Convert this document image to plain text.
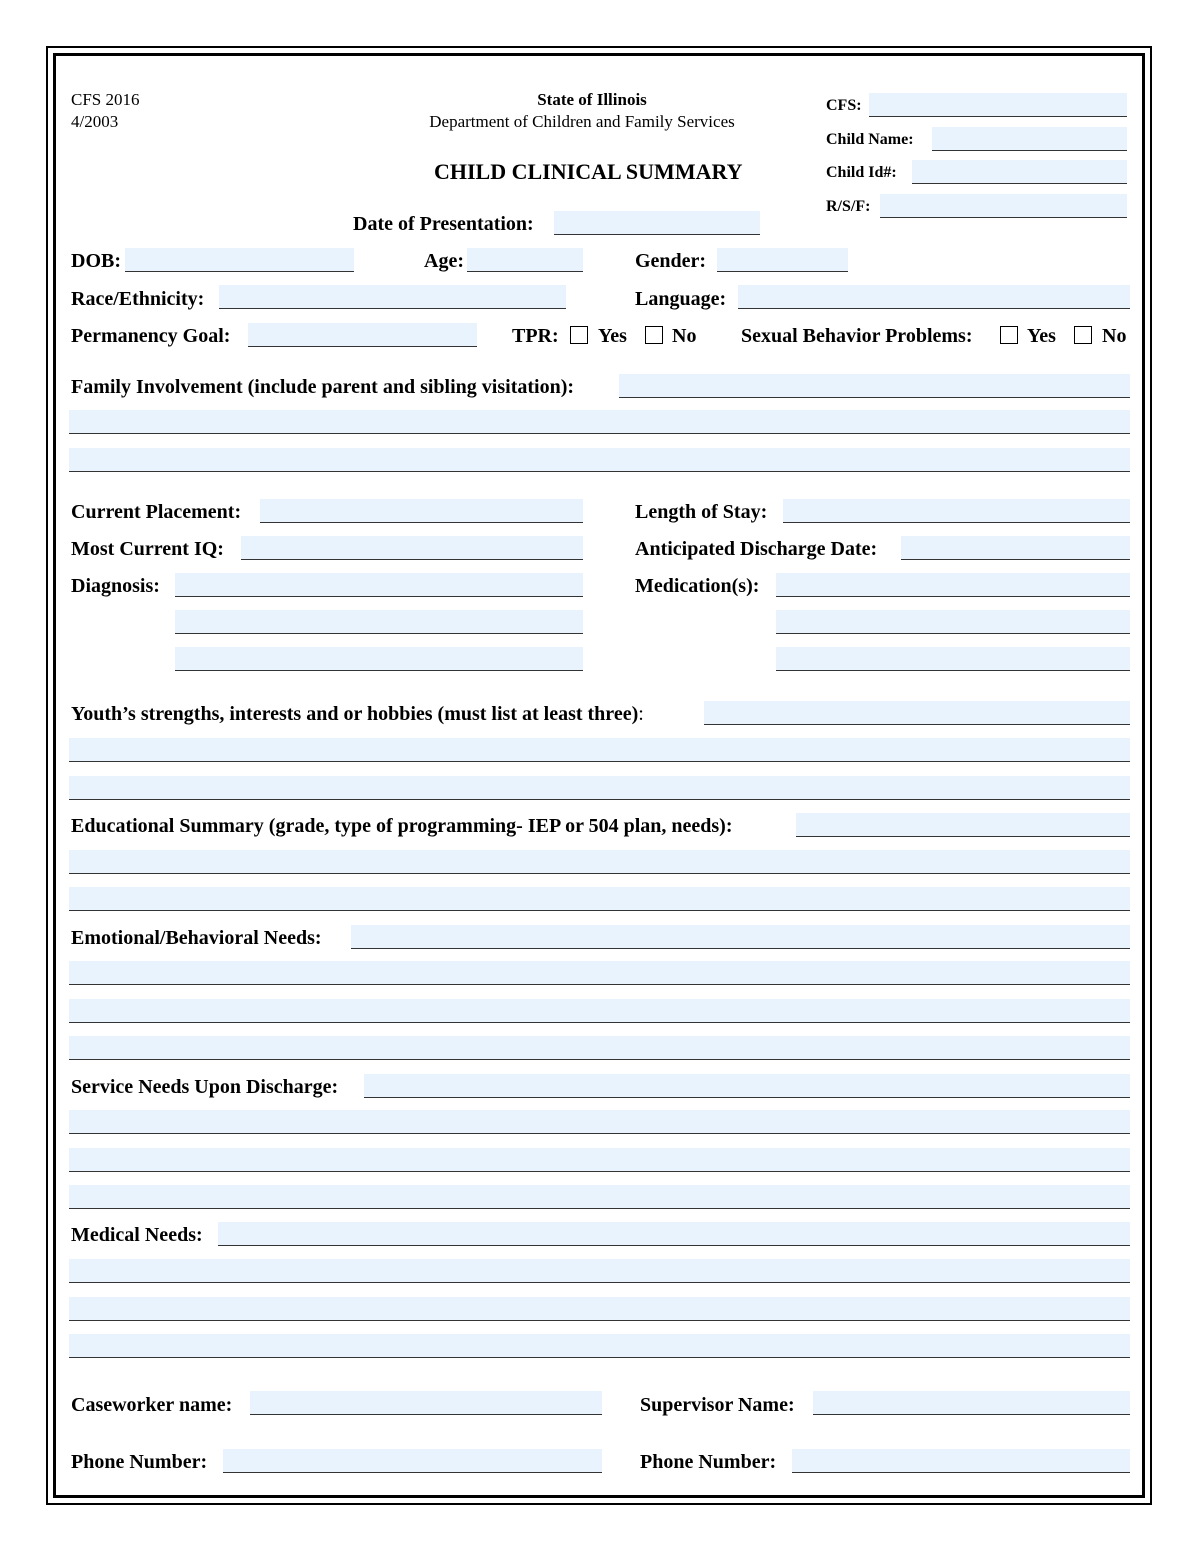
CFS 2016
4/2003
State of Illinois
Department of Children and Family Services
CHILD CLINICAL SUMMARY
CFS:
Child Name:
Child Id#:
R/S/F:
Date of Presentation:
DOB:	Age:	Gender:
Race/Ethnicity:	Language:
Permanency Goal:	TPR: Yes No Sexual Behavior Problems:	Yes No
Family Involvement (include parent and sibling visitation):
Current Placement:	Length of Stay:
Most Current IQ:	Anticipated Discharge Date:
Diagnosis:	Medication(s):
Youth’s strengths, interests and or hobbies (must list at least three):
Educational Summary (grade, type of programming- IEP or 504 plan, needs):
Emotional/Behavioral Needs:
Service Needs Upon Discharge:
Medical Needs:
Caseworker name:	Supervisor Name:
Phone Number:	Phone Number:
